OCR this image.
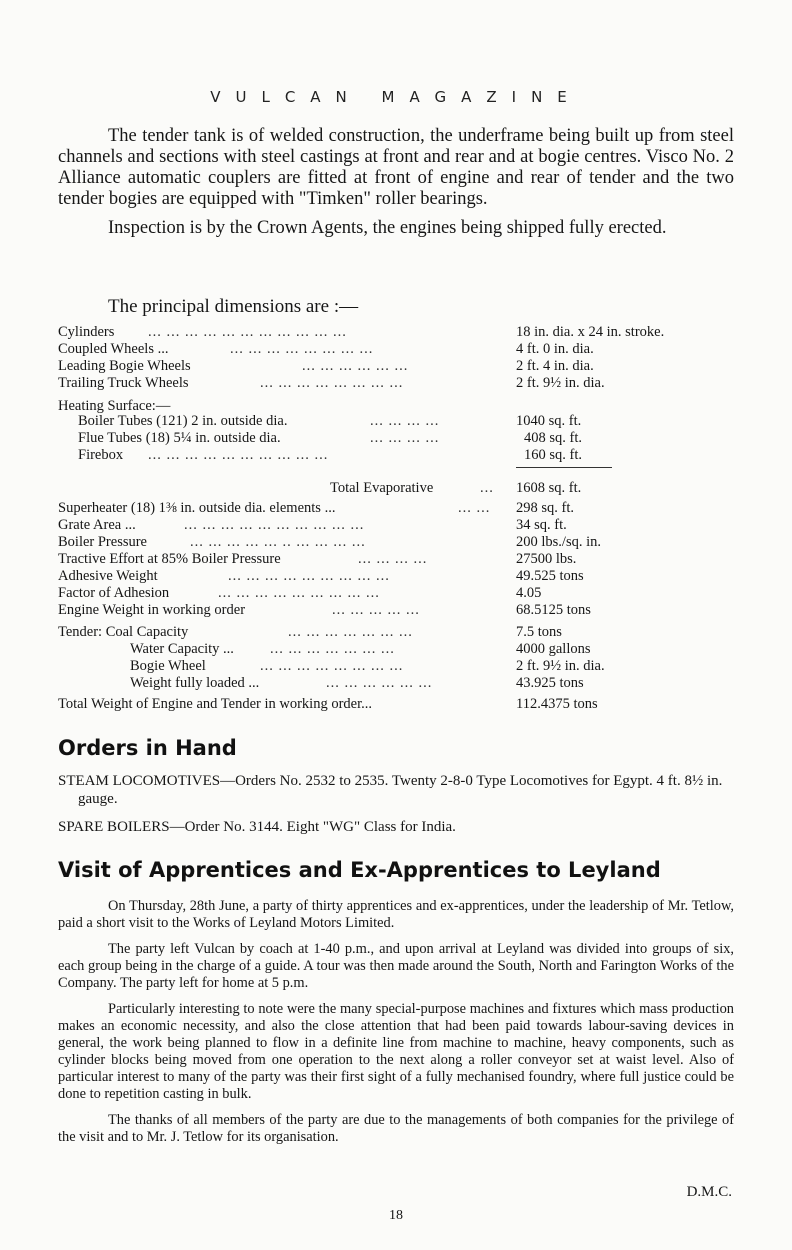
VULCAN MAGAZINE

The tender tank is of welded construction, the underframe being built up from steel channels and sections with steel castings at front and rear and at bogie centres. Visco No. 2 Alliance automatic couplers are fitted at front of engine and rear of tender and the two tender bogies are equipped with "Timken" roller bearings.

Inspection is by the Crown Agents, the engines being shipped fully erected.

The principal dimensions are :—
Cylinders ... ... ... ... ... ... ... ... ... ... ...	18 in. dia. x 24 in. stroke.
Coupled Wheels ...	... ... ... ... ... ... ... ...	4 ft. 0 in. dia.
Leading Bogie Wheels	... ... ... ... ... ...	2 ft. 4 in. dia.
Trailing Truck Wheels	... ... ... ... ... ... ... ...	2 ft. 9½ in. dia.
Heating Surface:—
Boiler Tubes (121) 2 in. outside dia.	... ... ... ...	1040 sq. ft.
Flue Tubes (18) 5¼ in. outside dia.	... ... ... ...	408 sq. ft.
Firebox ... ... ... ... ... ... ... ... ... ...	160 sq. ft.
Total Evaporative	... 1608 sq. ft.
Superheater (18) 1⅜ in. outside dia. elements ...	... ... 298 sq. ft.
Grate Area ...	... ... ... ... ... ... ... ... ... ...	34 sq. ft.
Boiler Pressure	... ... ... ... ... .. ... ... ... ...	200 lbs./sq. in.
Tractive Effort at 85% Boiler Pressure	... ... ... ...	27500 lbs.
Adhesive Weight	... ... ... ... ... ... ... ... ...	49.525 tons
Factor of Adhesion	... ... ... ... ... ... ... ... ...	4.05
Engine Weight in working order	... ... ... ... ...	68.5125 tons
Tender: Coal Capacity	... ... ... ... ... ... ...	7.5 tons
Water Capacity ... ... ... ... ... ... ... ...	4000 gallons
Bogie Wheel	... ... ... ... ... ... ... ...	2 ft. 9½ in. dia.
Weight fully loaded ...	... ... ... ... ... ...	43.925 tons
Total Weight of Engine and Tender in working order...	112.4375 tons
Orders in Hand

STEAM LOCOMOTIVES—Orders No. 2532 to 2535. Twenty 2-8-0 Type Locomotives for Egypt. 4 ft. 8½ in. gauge.

SPARE BOILERS—Order No. 3144. Eight "WG" Class for India.

Visit of Apprentices and Ex-Apprentices to Leyland

On Thursday, 28th June, a party of thirty apprentices and ex-apprentices, under the leadership of Mr. Tetlow, paid a short visit to the Works of Leyland Motors Limited.

The party left Vulcan by coach at 1-40 p.m., and upon arrival at Leyland was divided into groups of six, each group being in the charge of a guide. A tour was then made around the South, North and Farington Works of the Company. The party left for home at 5 p.m.

Particularly interesting to note were the many special-purpose machines and fixtures which mass production makes an economic necessity, and also the close attention that had been paid towards labour-saving devices in general, the work being planned to flow in a definite line from machine to machine, heavy components, such as cylinder blocks being moved from one operation to the next along a roller conveyor set at waist level. Also of particular interest to many of the party was their first sight of a fully mechanised foundry, where full justice could be done to repetition casting in bulk.

The thanks of all members of the party are due to the managements of both companies for the privilege of the visit and to Mr. J. Tetlow for its organisation.

D.M.C.
18
